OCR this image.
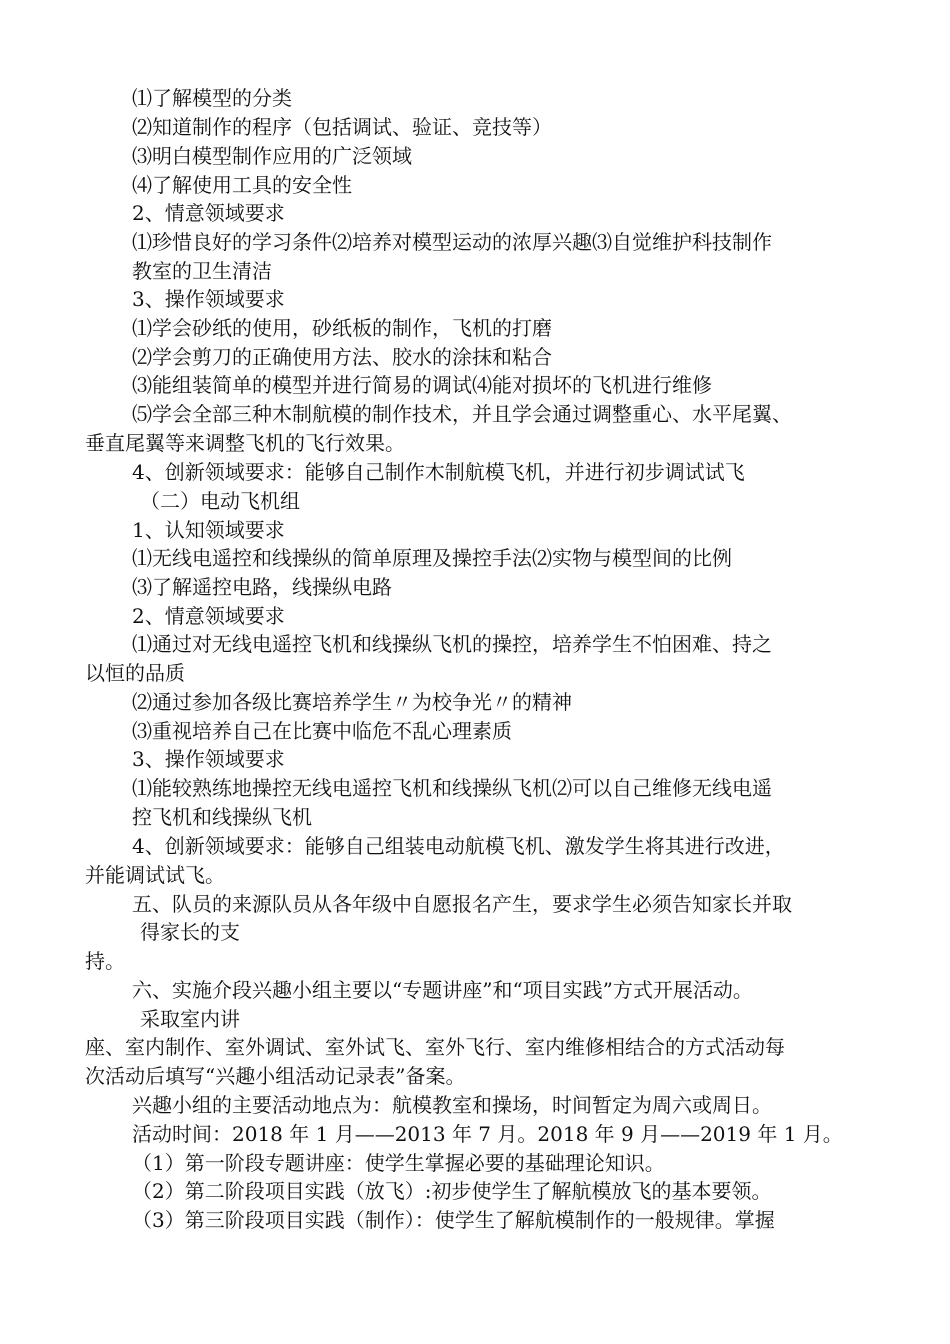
⑴了解模型的分类
⑵知道制作的程序（包括调试、验证、竞技等）
⑶明白模型制作应用的广泛领域
⑷了解使用工具的安全性
2、情意领域要求
⑴珍惜良好的学习条件⑵培养对模型运动的浓厚兴趣⑶自觉维护科技制作
教室的卫生清洁
3、操作领域要求
⑴学会砂纸的使用，砂纸板的制作，飞机的打磨
⑵学会剪刀的正确使用方法、胶水的涂抹和粘合
⑶能组装简单的模型并进行简易的调试⑷能对损坏的飞机进行维修
⑸学会全部三种木制航模的制作技术，并且学会通过调整重心、水平尾翼、
垂直尾翼等来调整飞机的飞行效果。
4、创新领域要求：能够自己制作木制航模飞机，并进行初步调试试飞
（二）电动飞机组
1、认知领域要求
⑴无线电遥控和线操纵的简单原理及操控手法⑵实物与模型间的比例
⑶了解遥控电路，线操纵电路
2、情意领域要求
⑴通过对无线电遥控飞机和线操纵飞机的操控，培养学生不怕困难、持之
以恒的品质
⑵通过参加各级比赛培养学生〃为校争光〃的精神
⑶重视培养自己在比赛中临危不乱心理素质
3、操作领域要求
⑴能较熟练地操控无线电遥控飞机和线操纵飞机⑵可以自己维修无线电遥
控飞机和线操纵飞机
4、创新领域要求：能够自己组装电动航模飞机、激发学生将其进行改进，
并能调试试飞。
五、队员的来源队员从各年级中自愿报名产生，要求学生必须告知家长并取
得家长的支
持。
六、实施介段兴趣小组主要以“专题讲座”和“项目实践”方式开展活动。
采取室内讲
座、室内制作、室外调试、室外试飞、室外飞行、室内维修相结合的方式活动每
次活动后填写“兴趣小组活动记录表”备案。
兴趣小组的主要活动地点为：航模教室和操场，时间暂定为周六或周日。
活动时间：2018 年 1 月——2013 年 7 月。2018 年 9 月——2019 年 1 月。
（1）第一阶段专题讲座：使学生掌握必要的基础理论知识。
（2）第二阶段项目实践（放飞）:初步使学生了解航模放飞的基本要领。
（3）第三阶段项目实践（制作）：使学生了解航模制作的一般规律。掌握
